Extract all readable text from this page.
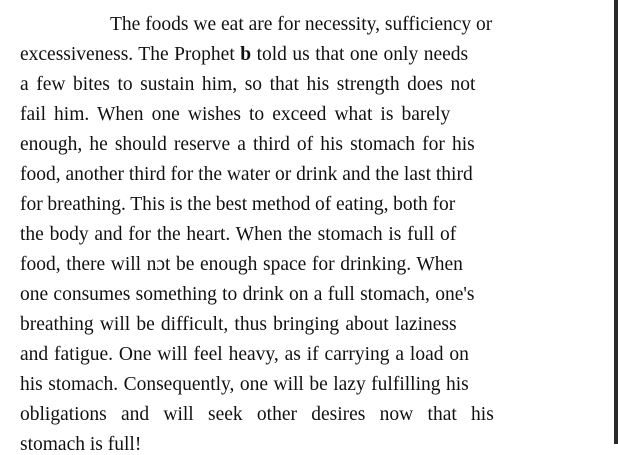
The foods we eat are for necessity, sufficiency or
excessiveness. The Prophet b told us that one only needs
a few bites to sustain him, so that his strength does not
fail him. When one wishes to exceed what is barely
enough, he should reserve a third of his stomach for his
food, another third for the water or drink and the last third
for breathing. This is the best method of eating, both for
the body and for the heart. When the stomach is full of
food, there will nɔt be enough space for drinking. When
one consumes something to drink on a full stomach, one's
breathing will be difficult, thus bringing about laziness
and fatigue. One will feel heavy, as if carrying a load on
his stomach. Consequently, one will be lazy fulfilling his
obligations and will seek other desires now that his
stomach is full!
